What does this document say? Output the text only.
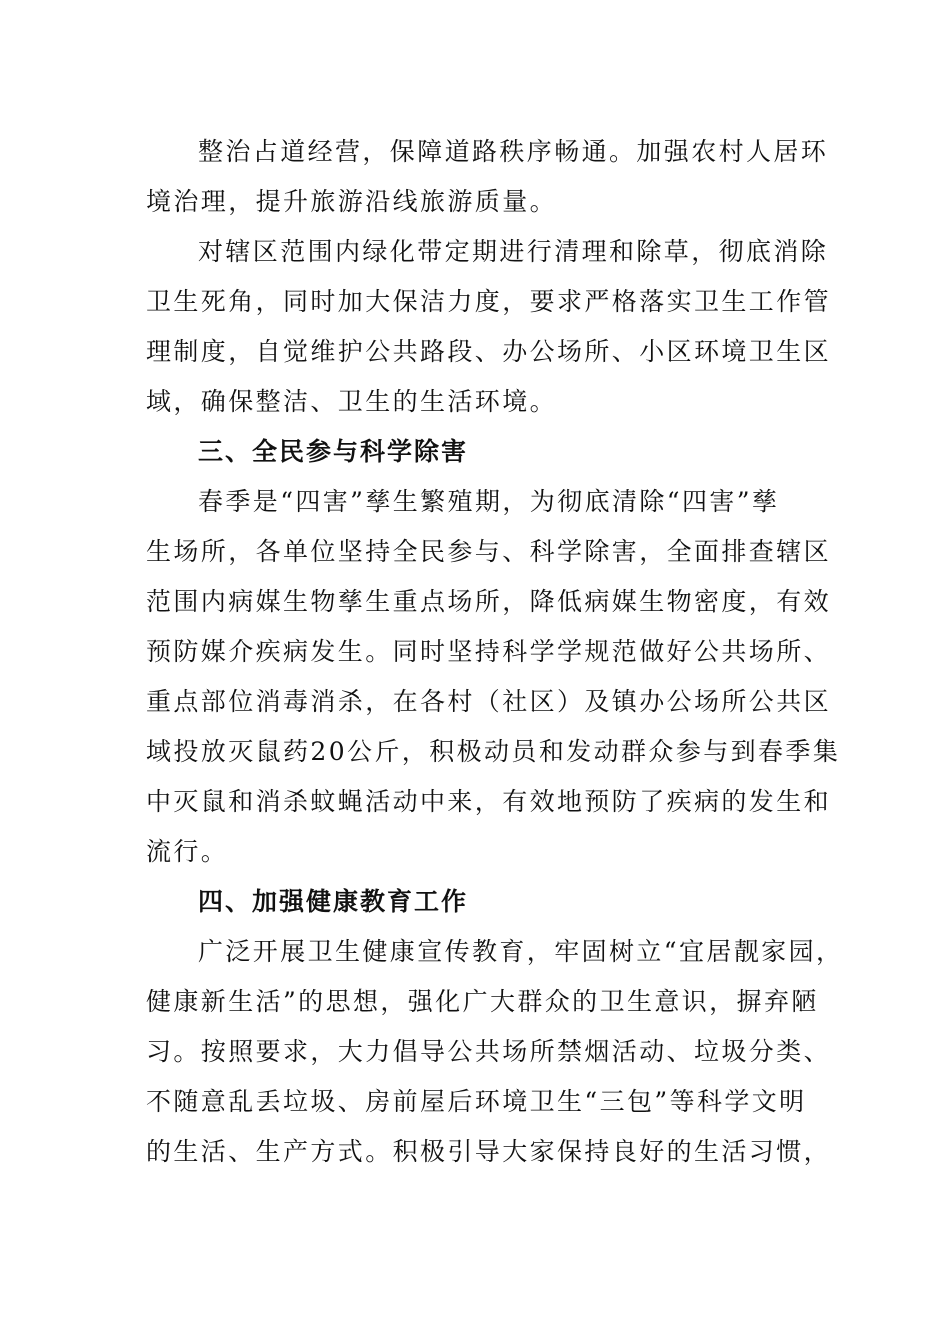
整治占道经营，保障道路秩序畅通。加强农村人居环
境治理，提升旅游沿线旅游质量。
对辖区范围内绿化带定期进行清理和除草，彻底消除
卫生死角，同时加大保洁力度，要求严格落实卫生工作管
理制度，自觉维护公共路段、办公场所、小区环境卫生区
域，确保整洁、卫生的生活环境。
三、全民参与科学除害
春季是“四害”孳生繁殖期，为彻底清除“四害”孳
生场所，各单位坚持全民参与、科学除害，全面排查辖区
范围内病媒生物孳生重点场所，降低病媒生物密度，有效
预防媒介疾病发生。同时坚持科学学规范做好公共场所、
重点部位消毒消杀，在各村（社区）及镇办公场所公共区
域投放灭鼠药20公斤，积极动员和发动群众参与到春季集
中灭鼠和消杀蚊蝇活动中来，有效地预防了疾病的发生和
流行。
四、加强健康教育工作
广泛开展卫生健康宣传教育，牢固树立“宜居靓家园，
健康新生活”的思想，强化广大群众的卫生意识，摒弃陋
习。按照要求，大力倡导公共场所禁烟活动、垃圾分类、
不随意乱丢垃圾、房前屋后环境卫生“三包”等科学文明
的生活、生产方式。积极引导大家保持良好的生活习惯，
